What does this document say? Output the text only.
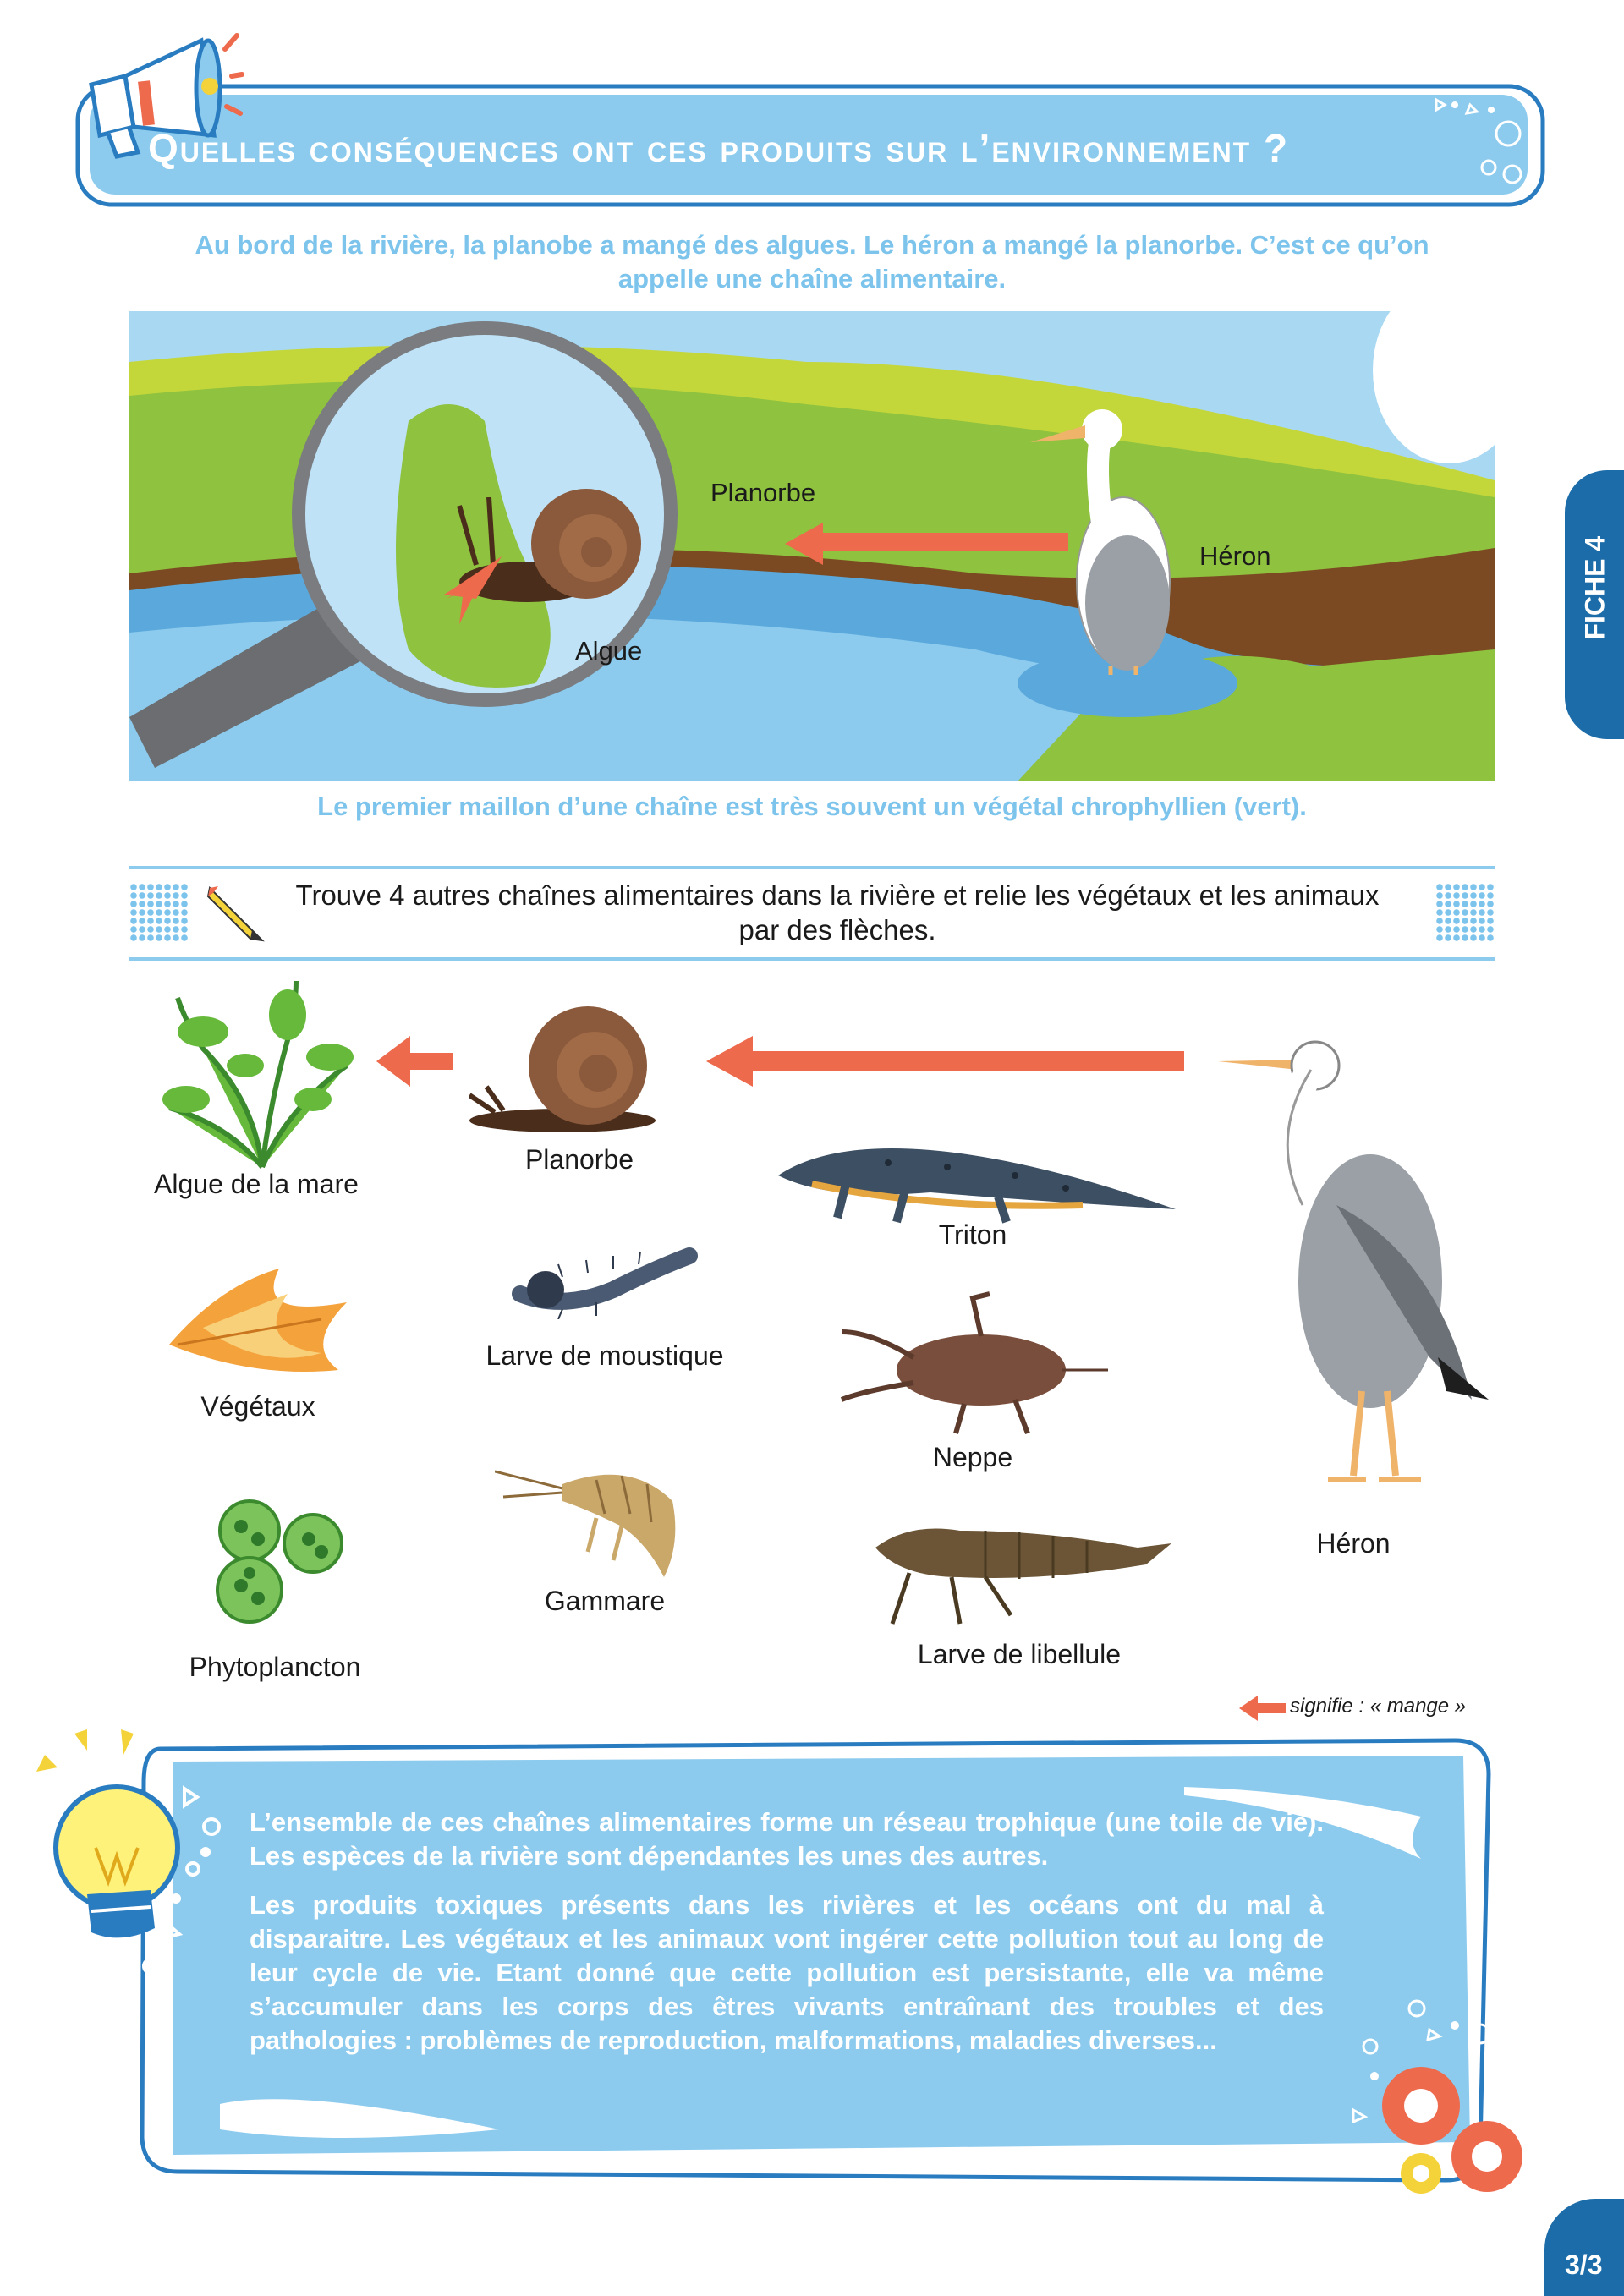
Quelles conséquences ont ces produits sur l’environnement ?
Au bord de la rivière, la planobe a mangé des algues. Le héron a mangé la planorbe. C’est ce qu’on appelle une chaîne alimentaire.
Planorbe
Héron
Algue
Le premier maillon d’une chaîne est très souvent un végétal chrophyllien (vert).
Trouve 4 autres chaînes alimentaires dans la rivière et relie les végétaux et les animaux par des flèches.
Algue de la mare
Planorbe
Triton
Héron
Végétaux
Larve de moustique
Neppe
Phytoplancton
Gammare
Larve de libellule
signifie : « mange »

L’ensemble de ces chaînes alimentaires forme un réseau trophique (une toile de vie). Les espèces de la rivière sont dépendantes les unes des autres.

Les produits toxiques présents dans les rivières et les océans ont du mal à disparaitre. Les végétaux et les animaux vont ingérer cette pollution tout au long de leur cycle de vie. Etant donné que cette pollution est persistante, elle va même s’accumuler dans les corps des êtres vivants entraînant des troubles et des pathologies : problèmes de reproduction, malformations, maladies diverses...

FICHE 4
3/3
